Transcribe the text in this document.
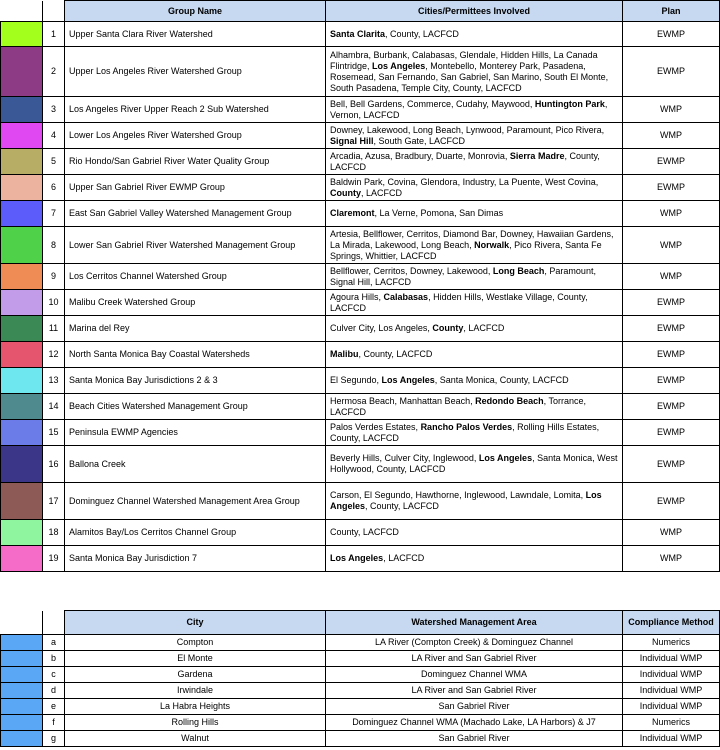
		Group Name	Cities/Permittees Involved	Plan
	1	Upper Santa Clara River Watershed	Santa Clarita, County, LACFCD	EWMP
	2	Upper Los Angeles River Watershed Group	Alhambra, Burbank, Calabasas, Glendale, Hidden Hills, La Canada Flintridge, Los Angeles, Montebello, Monterey Park, Pasadena, Rosemead, San Fernando, San Gabriel, San Marino, South El Monte, South Pasadena, Temple City, County, LACFCD	EWMP
	3	Los Angeles River Upper Reach 2 Sub Watershed	Bell, Bell Gardens, Commerce, Cudahy, Maywood, Huntington Park, Vernon, LACFCD	WMP
	4	Lower Los Angeles River Watershed Group	Downey, Lakewood, Long Beach, Lynwood, Paramount, Pico Rivera, Signal Hill, South Gate, LACFCD	WMP
	5	Rio Hondo/San Gabriel River Water Quality Group	Arcadia, Azusa, Bradbury, Duarte, Monrovia, Sierra Madre, County, LACFCD	EWMP
	6	Upper San Gabriel River EWMP Group	Baldwin Park, Covina, Glendora, Industry, La Puente, West Covina, County, LACFCD	EWMP
	7	East San Gabriel Valley Watershed Management Group	Claremont, La Verne, Pomona, San Dimas	WMP
	8	Lower San Gabriel River Watershed Management Group	Artesia, Bellflower, Cerritos, Diamond Bar, Downey, Hawaiian Gardens, La Mirada, Lakewood, Long Beach, Norwalk, Pico Rivera, Santa Fe Springs, Whittier, LACFCD	WMP
	9	Los Cerritos Channel Watershed Group	Bellflower, Cerritos, Downey, Lakewood, Long Beach, Paramount, Signal Hill, LACFCD	WMP
	10	Malibu Creek Watershed Group	Agoura Hills, Calabasas, Hidden Hills, Westlake Village, County, LACFCD	EWMP
	11	Marina del Rey	Culver City, Los Angeles, County, LACFCD	EWMP
	12	North Santa Monica Bay Coastal Watersheds	Malibu, County, LACFCD	EWMP
	13	Santa Monica Bay Jurisdictions 2 & 3	El Segundo, Los Angeles, Santa Monica, County, LACFCD	EWMP
	14	Beach Cities Watershed Management Group	Hermosa Beach, Manhattan Beach, Redondo Beach, Torrance, LACFCD	EWMP
	15	Peninsula EWMP Agencies	Palos Verdes Estates, Rancho Palos Verdes, Rolling Hills Estates, County, LACFCD	EWMP
	16	Ballona Creek	Beverly Hills, Culver City, Inglewood, Los Angeles, Santa Monica, West Hollywood, County, LACFCD	EWMP
	17	Dominguez Channel Watershed Management Area Group	Carson, El Segundo, Hawthorne, Inglewood, Lawndale, Lomita, Los Angeles, County, LACFCD	EWMP
	18	Alamitos Bay/Los Cerritos Channel Group	County, LACFCD	WMP
	19	Santa Monica Bay Jurisdiction 7	Los Angeles, LACFCD	WMP
		City	Watershed Management Area	Compliance Method
	a	Compton	LA River (Compton Creek) & Dominguez Channel	Numerics
	b	El Monte	LA River and San Gabriel River	Individual WMP
	c	Gardena	Dominguez Channel WMA	Individual WMP
	d	Irwindale	LA River and San Gabriel River	Individual WMP
	e	La Habra Heights	San Gabriel River	Individual WMP
	f	Rolling Hills	Dominguez Channel WMA (Machado Lake, LA Harbors) & J7	Numerics
	g	Walnut	San Gabriel River	Individual WMP
